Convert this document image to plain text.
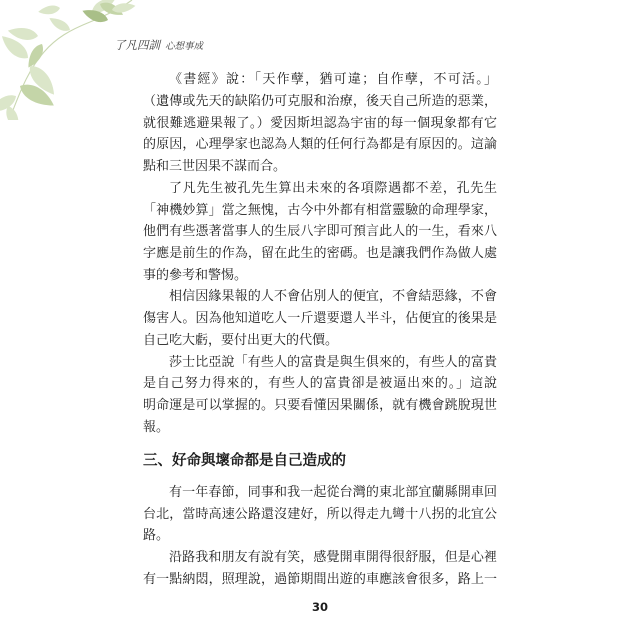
了凡四訓 心想事成
《書經》說：「天作孽，猶可違；自作孽，不可活。」
（遺傳或先天的缺陷仍可克服和治療，後天自己所造的惡業，
就很難逃避果報了。）愛因斯坦認為宇宙的每一個現象都有它
的原因，心理學家也認為人類的任何行為都是有原因的。這論
點和三世因果不謀而合。
了凡先生被孔先生算出未來的各項際遇都不差，孔先生
「神機妙算」當之無愧，古今中外都有相當靈驗的命理學家，
他們有些憑著當事人的生辰八字即可預言此人的一生，看來八
字應是前生的作為，留在此生的密碼。也是讓我們作為做人處
事的參考和警惕。
相信因緣果報的人不會佔別人的便宜，不會結惡緣，不會
傷害人。因為他知道吃人一斤還要還人半斗，佔便宜的後果是
自己吃大虧，要付出更大的代價。
莎士比亞說「有些人的富貴是與生俱來的，有些人的富貴
是自己努力得來的，有些人的富貴卻是被逼出來的。」這說
明命運是可以掌握的。只要看懂因果關係，就有機會跳脫現世
報。
三、好命與壞命都是自己造成的
有一年春節，同事和我一起從台灣的東北部宜蘭縣開車回
台北，當時高速公路還沒建好，所以得走九彎十八拐的北宜公
路。
沿路我和朋友有說有笑，感覺開車開得很舒服，但是心裡
有一點納悶，照理說，過節期間出遊的車應該會很多，路上一
30
